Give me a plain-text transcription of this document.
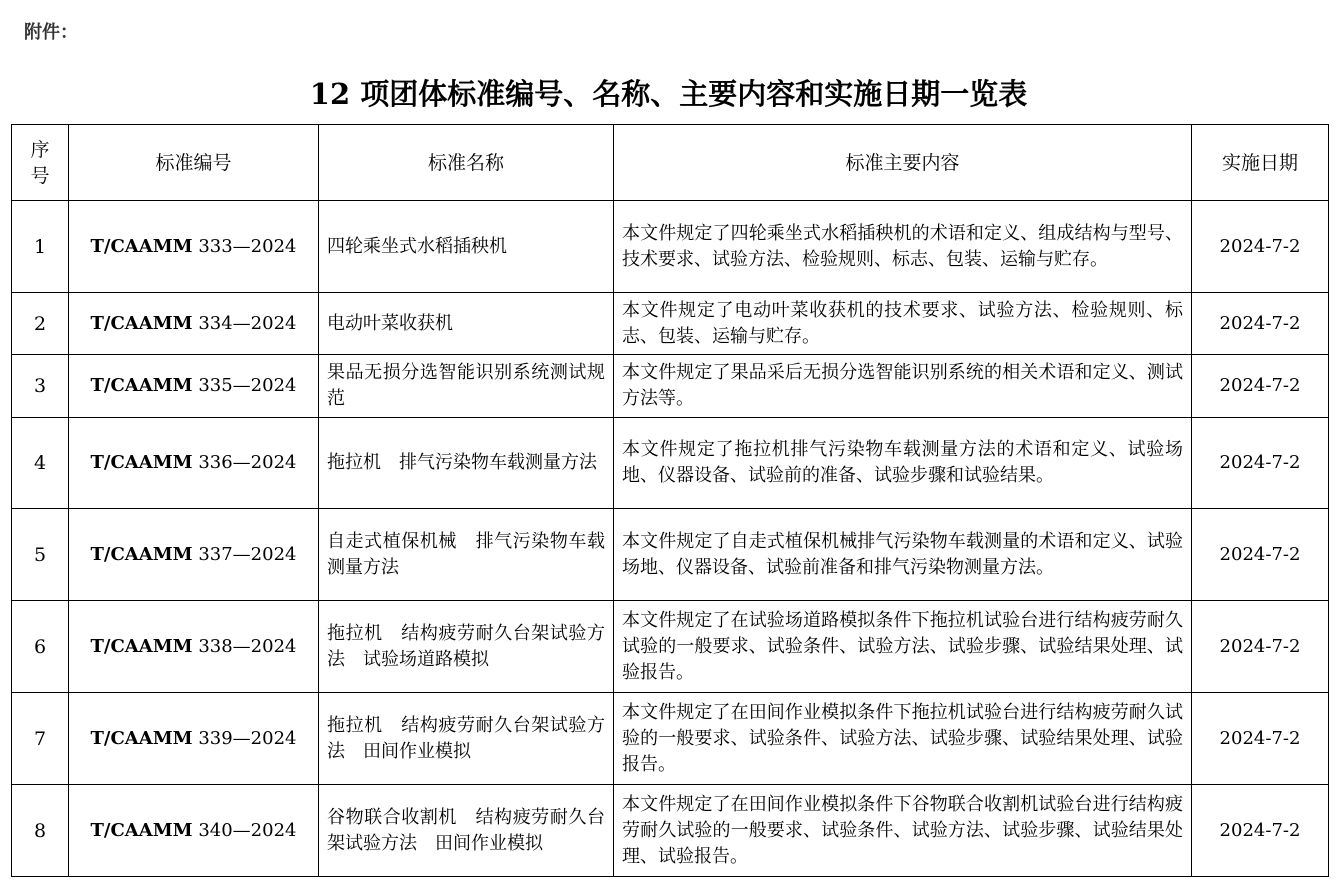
附件：
12 项团体标准编号、名称、主要内容和实施日期一览表
序号	标准编号	标准名称	标准主要内容	实施日期
1	T/CAAMM 333—2024	四轮乘坐式水稻插秧机	本文件规定了四轮乘坐式水稻插秧机的术语和定义、组成结构与型号、技术要求、试验方法、检验规则、标志、包装、运输与贮存。	2024-7-2
2	T/CAAMM 334—2024	电动叶菜收获机	本文件规定了电动叶菜收获机的技术要求、试验方法、检验规则、标志、包装、运输与贮存。	2024-7-2
3	T/CAAMM 335—2024	果品无损分选智能识别系统测试规范	本文件规定了果品采后无损分选智能识别系统的相关术语和定义、测试方法等。	2024-7-2
4	T/CAAMM 336—2024	拖拉机　排气污染物车载测量方法	本文件规定了拖拉机排气污染物车载测量方法的术语和定义、试验场地、仪器设备、试验前的准备、试验步骤和试验结果。	2024-7-2
5	T/CAAMM 337—2024	自走式植保机械　排气污染物车载测量方法	本文件规定了自走式植保机械排气污染物车载测量的术语和定义、试验场地、仪器设备、试验前准备和排气污染物测量方法。	2024-7-2
6	T/CAAMM 338—2024	拖拉机　结构疲劳耐久台架试验方法　试验场道路模拟	本文件规定了在试验场道路模拟条件下拖拉机试验台进行结构疲劳耐久试验的一般要求、试验条件、试验方法、试验步骤、试验结果处理、试验报告。	2024-7-2
7	T/CAAMM 339—2024	拖拉机　结构疲劳耐久台架试验方法　田间作业模拟	本文件规定了在田间作业模拟条件下拖拉机试验台进行结构疲劳耐久试验的一般要求、试验条件、试验方法、试验步骤、试验结果处理、试验报告。	2024-7-2
8	T/CAAMM 340—2024	谷物联合收割机　结构疲劳耐久台架试验方法　田间作业模拟	本文件规定了在田间作业模拟条件下谷物联合收割机试验台进行结构疲劳耐久试验的一般要求、试验条件、试验方法、试验步骤、试验结果处理、试验报告。	2024-7-2
